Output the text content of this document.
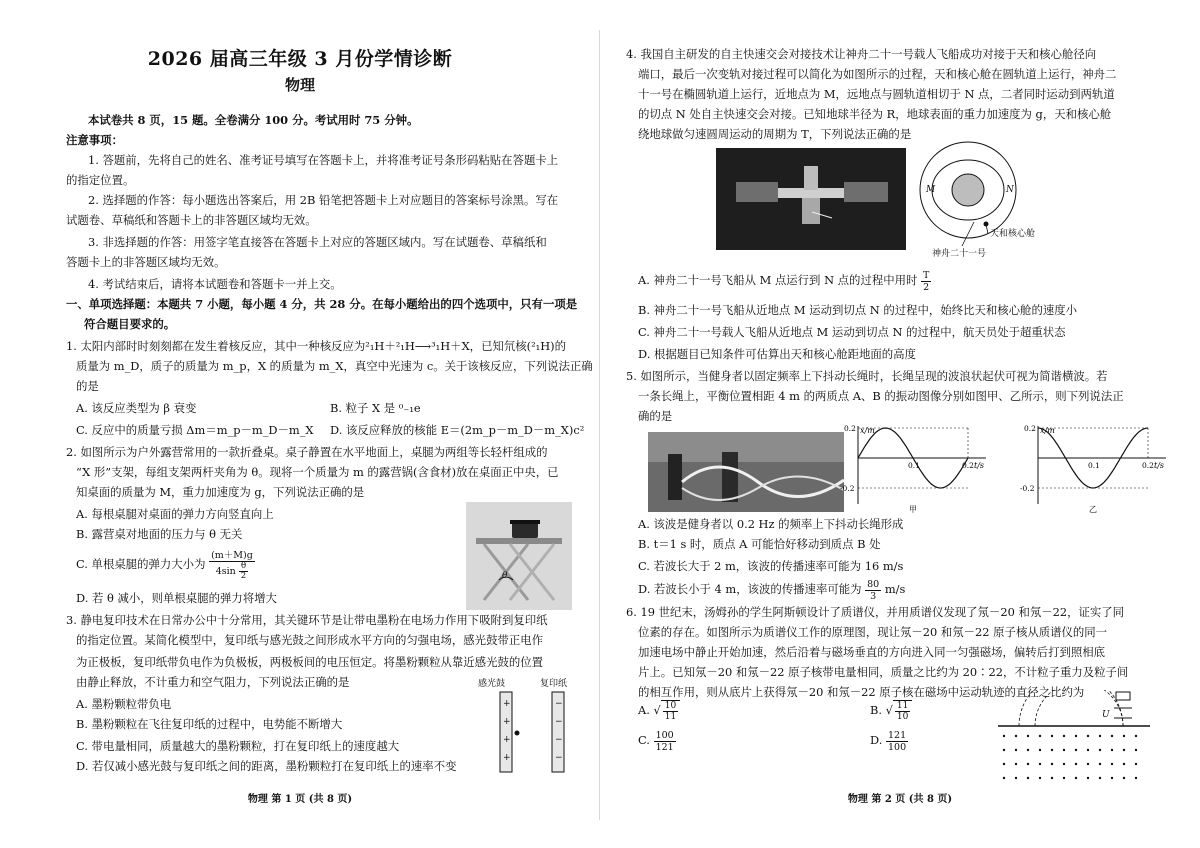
2026 届高三年级 3 月份学情诊断
物理
本试卷共 8 页，15 题。全卷满分 100 分。考试用时 75 分钟。
注意事项：
1. 答题前，先将自己的姓名、准考证号填写在答题卡上，并将准考证号条形码粘贴在答题卡上
的指定位置。
2. 选择题的作答：每小题选出答案后，用 2B 铅笔把答题卡上对应题目的答案标号涂黑。写在
试题卷、草稿纸和答题卡上的非答题区域均无效。
3. 非选择题的作答：用签字笔直接答在答题卡上对应的答题区域内。写在试题卷、草稿纸和
答题卡上的非答题区域均无效。
4. 考试结束后，请将本试题卷和答题卡一并上交。
一、单项选择题：本题共 7 小题，每小题 4 分，共 28 分。在每小题给出的四个选项中，只有一项是
符合题目要求的。
1. 太阳内部时时刻刻都在发生着核反应，其中一种核反应为²₁H＋²₁H⟶³₁H＋X，已知氘核(²₁H)的
质量为 m_D，质子的质量为 m_p，X 的质量为 m_X，真空中光速为 c。关于该核反应，下列说法正确
的是
A. 该反应类型为 β 衰变	B. 粒子 X 是 ⁰₋₁e
C. 反应中的质量亏损 Δm＝m_p－m_D－m_X D. 该反应释放的核能 E＝(2m_p－m_D－m_X)c²
2. 如图所示为户外露营常用的一款折叠桌。桌子静置在水平地面上，桌腿为两组等长轻杆组成的
“X 形”支架，每组支架两杆夹角为 θ。现将一个质量为 m 的露营锅(含食材)放在桌面正中央，已
知桌面的质量为 M，重力加速度为 g，下列说法正确的是
A. 每根桌腿对桌面的弹力方向竖直向上
B. 露营桌对地面的压力与 θ 无关
C. 单根桌腿的弹力大小为 $\frac{(m+M)g}{4\sin \frac{\theta}{2}}$
D. 若 θ 减小，则单根桌腿的弹力将增大
θ
3. 静电复印技术在日常办公中十分常用，其关键环节是让带电墨粉在电场力作用下吸附到复印纸
的指定位置。某简化模型中，复印纸与感光鼓之间形成水平方向的匀强电场，感光鼓带正电作
为正极板，复印纸带负电作为负极板，两极板间的电压恒定。将墨粉颗粒从靠近感光鼓的位置
由静止释放，不计重力和空气阻力，下列说法正确的是
A. 墨粉颗粒带负电
B. 墨粉颗粒在飞往复印纸的过程中，电势能不断增大
C. 带电量相同，质量越大的墨粉颗粒，打在复印纸上的速度越大
D. 若仅减小感光鼓与复印纸之间的距离，墨粉颗粒打在复印纸上的速率不变
感光鼓	复印纸
+
+
+
+
−
−
−
−
物理 第 1 页 (共 8 页)
4. 我国自主研发的自主快速交会对接技术让神舟二十一号载人飞船成功对接于天和核心舱径向
端口，最后一次变轨对接过程可以简化为如图所示的过程，天和核心舱在圆轨道上运行，神舟二
十一号在椭圆轨道上运行，近地点为 M，远地点与圆轨道相切于 N 点，二者同时运动到两轨道
的切点 N 处自主快速交会对接。已知地球半径为 R，地球表面的重力加速度为 g，天和核心舱
绕地球做匀速圆周运动的周期为 T，下列说法正确的是
M	N
天和核心舱
神舟二十一号
A. 神舟二十一号飞船从 M 点运行到 N 点的过程中用时 $\frac{T}{2}$
B. 神舟二十一号飞船从近地点 M 运动到切点 N 的过程中，始终比天和核心舱的速度小
C. 神舟二十一号载人飞船从近地点 M 运动到切点 N 的过程中，航天员处于超重状态
D. 根据题目已知条件可估算出天和核心舱距地面的高度
5. 如图所示，当健身者以固定频率上下抖动长绳时，长绳呈现的波浪状起伏可视为简谐横波。若
一条长绳上，平衡位置相距 4 m 的两质点 A、B 的振动图像分别如图甲、乙所示，则下列说法正
确的是
x/m
t/s
0.2
-0.2
0.1	0.2
甲
x/m
t/s
0.2
-0.2
0.1	0.2
乙
A. 该波是健身者以 0.2 Hz 的频率上下抖动长绳形成
B. t＝1 s 时，质点 A 可能恰好移动到质点 B 处
C. 若波长大于 2 m，该波的传播速率可能为 16 m/s
D. 若波长小于 4 m，该波的传播速率可能为 $\frac{80}{3} m/s$
6. 19 世纪末，汤姆孙的学生阿斯顿设计了质谱仪，并用质谱仪发现了氖－20 和氖－22，证实了同
位素的存在。如图所示为质谱仪工作的原理图，现让氖－20 和氖－22 原子核从质谱仪的同一
加速电场中静止开始加速，然后沿着与磁场垂直的方向进入同一匀强磁场，偏转后打到照相底
片上。已知氖－20 和氖－22 原子核带电量相同，质量之比约为 20∶22，不计粒子重力及粒子间
的相互作用，则从底片上获得氖－20 和氖－22 原子核在磁场中运动轨迹的直径之比约为
A. √ $\frac{10}{11}$	B. √ $\frac{11}{10}$
C. $\frac{100}{121}$	D. $\frac{121}{100}$
U
物理 第 2 页 (共 8 页)
